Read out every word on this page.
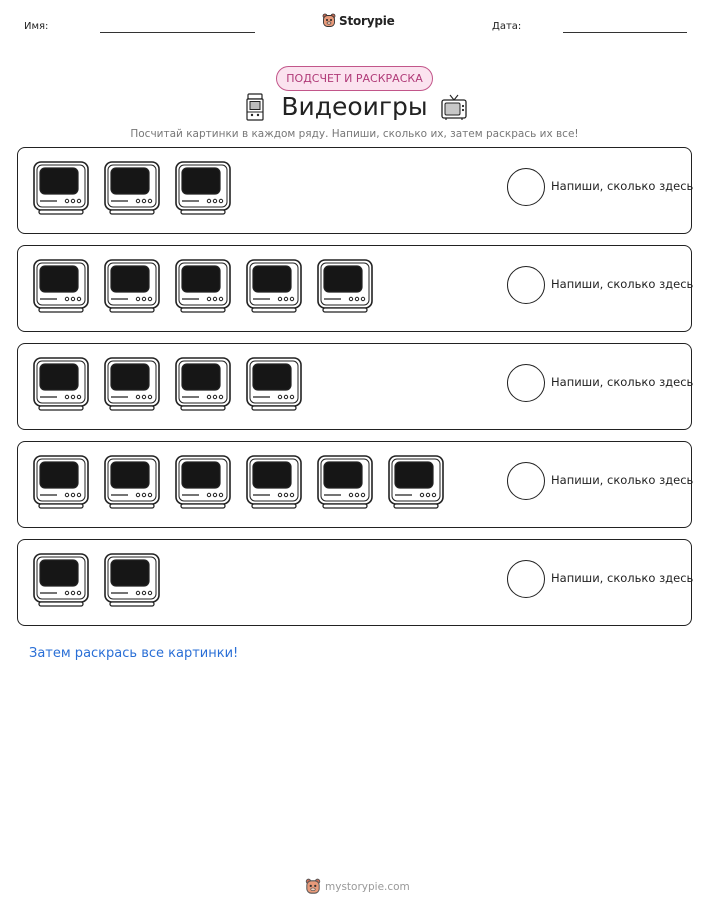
Имя:	Storypie	Дата:
ПОДСЧЕТ И РАСКРАСКА
Видеоигры
Посчитай картинки в каждом ряду. Напиши, сколько их, затем раскрась их все!
Напиши, сколько здесь
Напиши, сколько здесь
Напиши, сколько здесь
Напиши, сколько здесь
Напиши, сколько здесь
Затем раскрась все картинки!
mystorypie.com
